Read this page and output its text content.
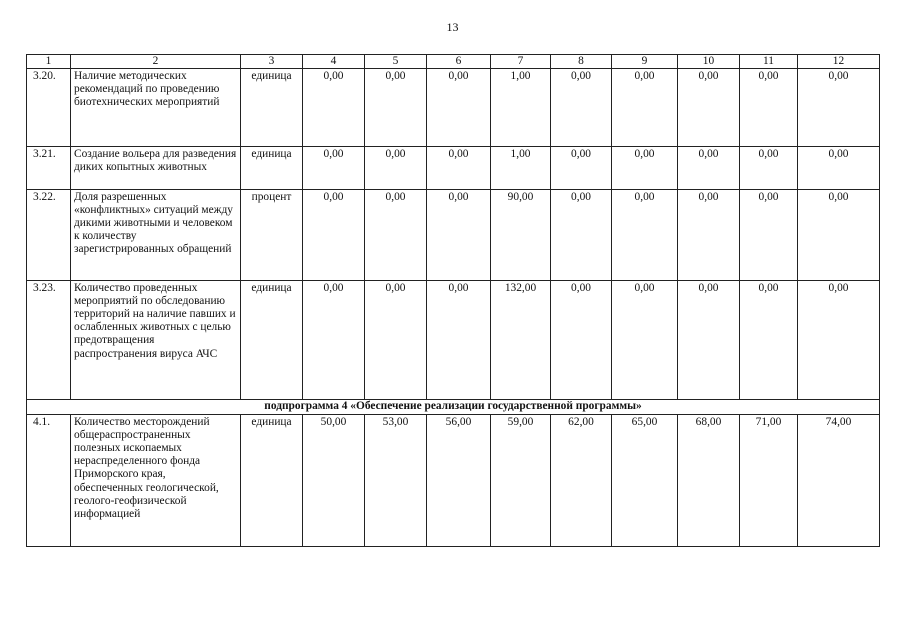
13
1	2	3	4	5	6	7	8	9	10	11	12
3.20.	Наличие методических рекомендаций по проведению биотехнических мероприятий	единица	0,00	0,00	0,00	1,00	0,00	0,00	0,00	0,00	0,00
3.21.	Создание вольера для разведения диких копытных животных	единица	0,00	0,00	0,00	1,00	0,00	0,00	0,00	0,00	0,00
3.22.	Доля разрешенных «конфликтных» ситуаций между дикими животными и человеком к количеству зарегистрированных обращений	процент	0,00	0,00	0,00	90,00	0,00	0,00	0,00	0,00	0,00
3.23.	Количество проведенных мероприятий по обследованию территорий на наличие павших и ослабленных животных с целью предотвращения распространения вируса АЧС	единица	0,00	0,00	0,00	132,00	0,00	0,00	0,00	0,00	0,00
подпрограмма 4 «Обеспечение реализации государственной программы»											
4.1.	Количество месторождений общераспространенных полезных ископаемых нераспределенного фонда Приморского края, обеспеченных геологической, геолого-геофизической информацией	единица	50,00	53,00	56,00	59,00	62,00	65,00	68,00	71,00	74,00
